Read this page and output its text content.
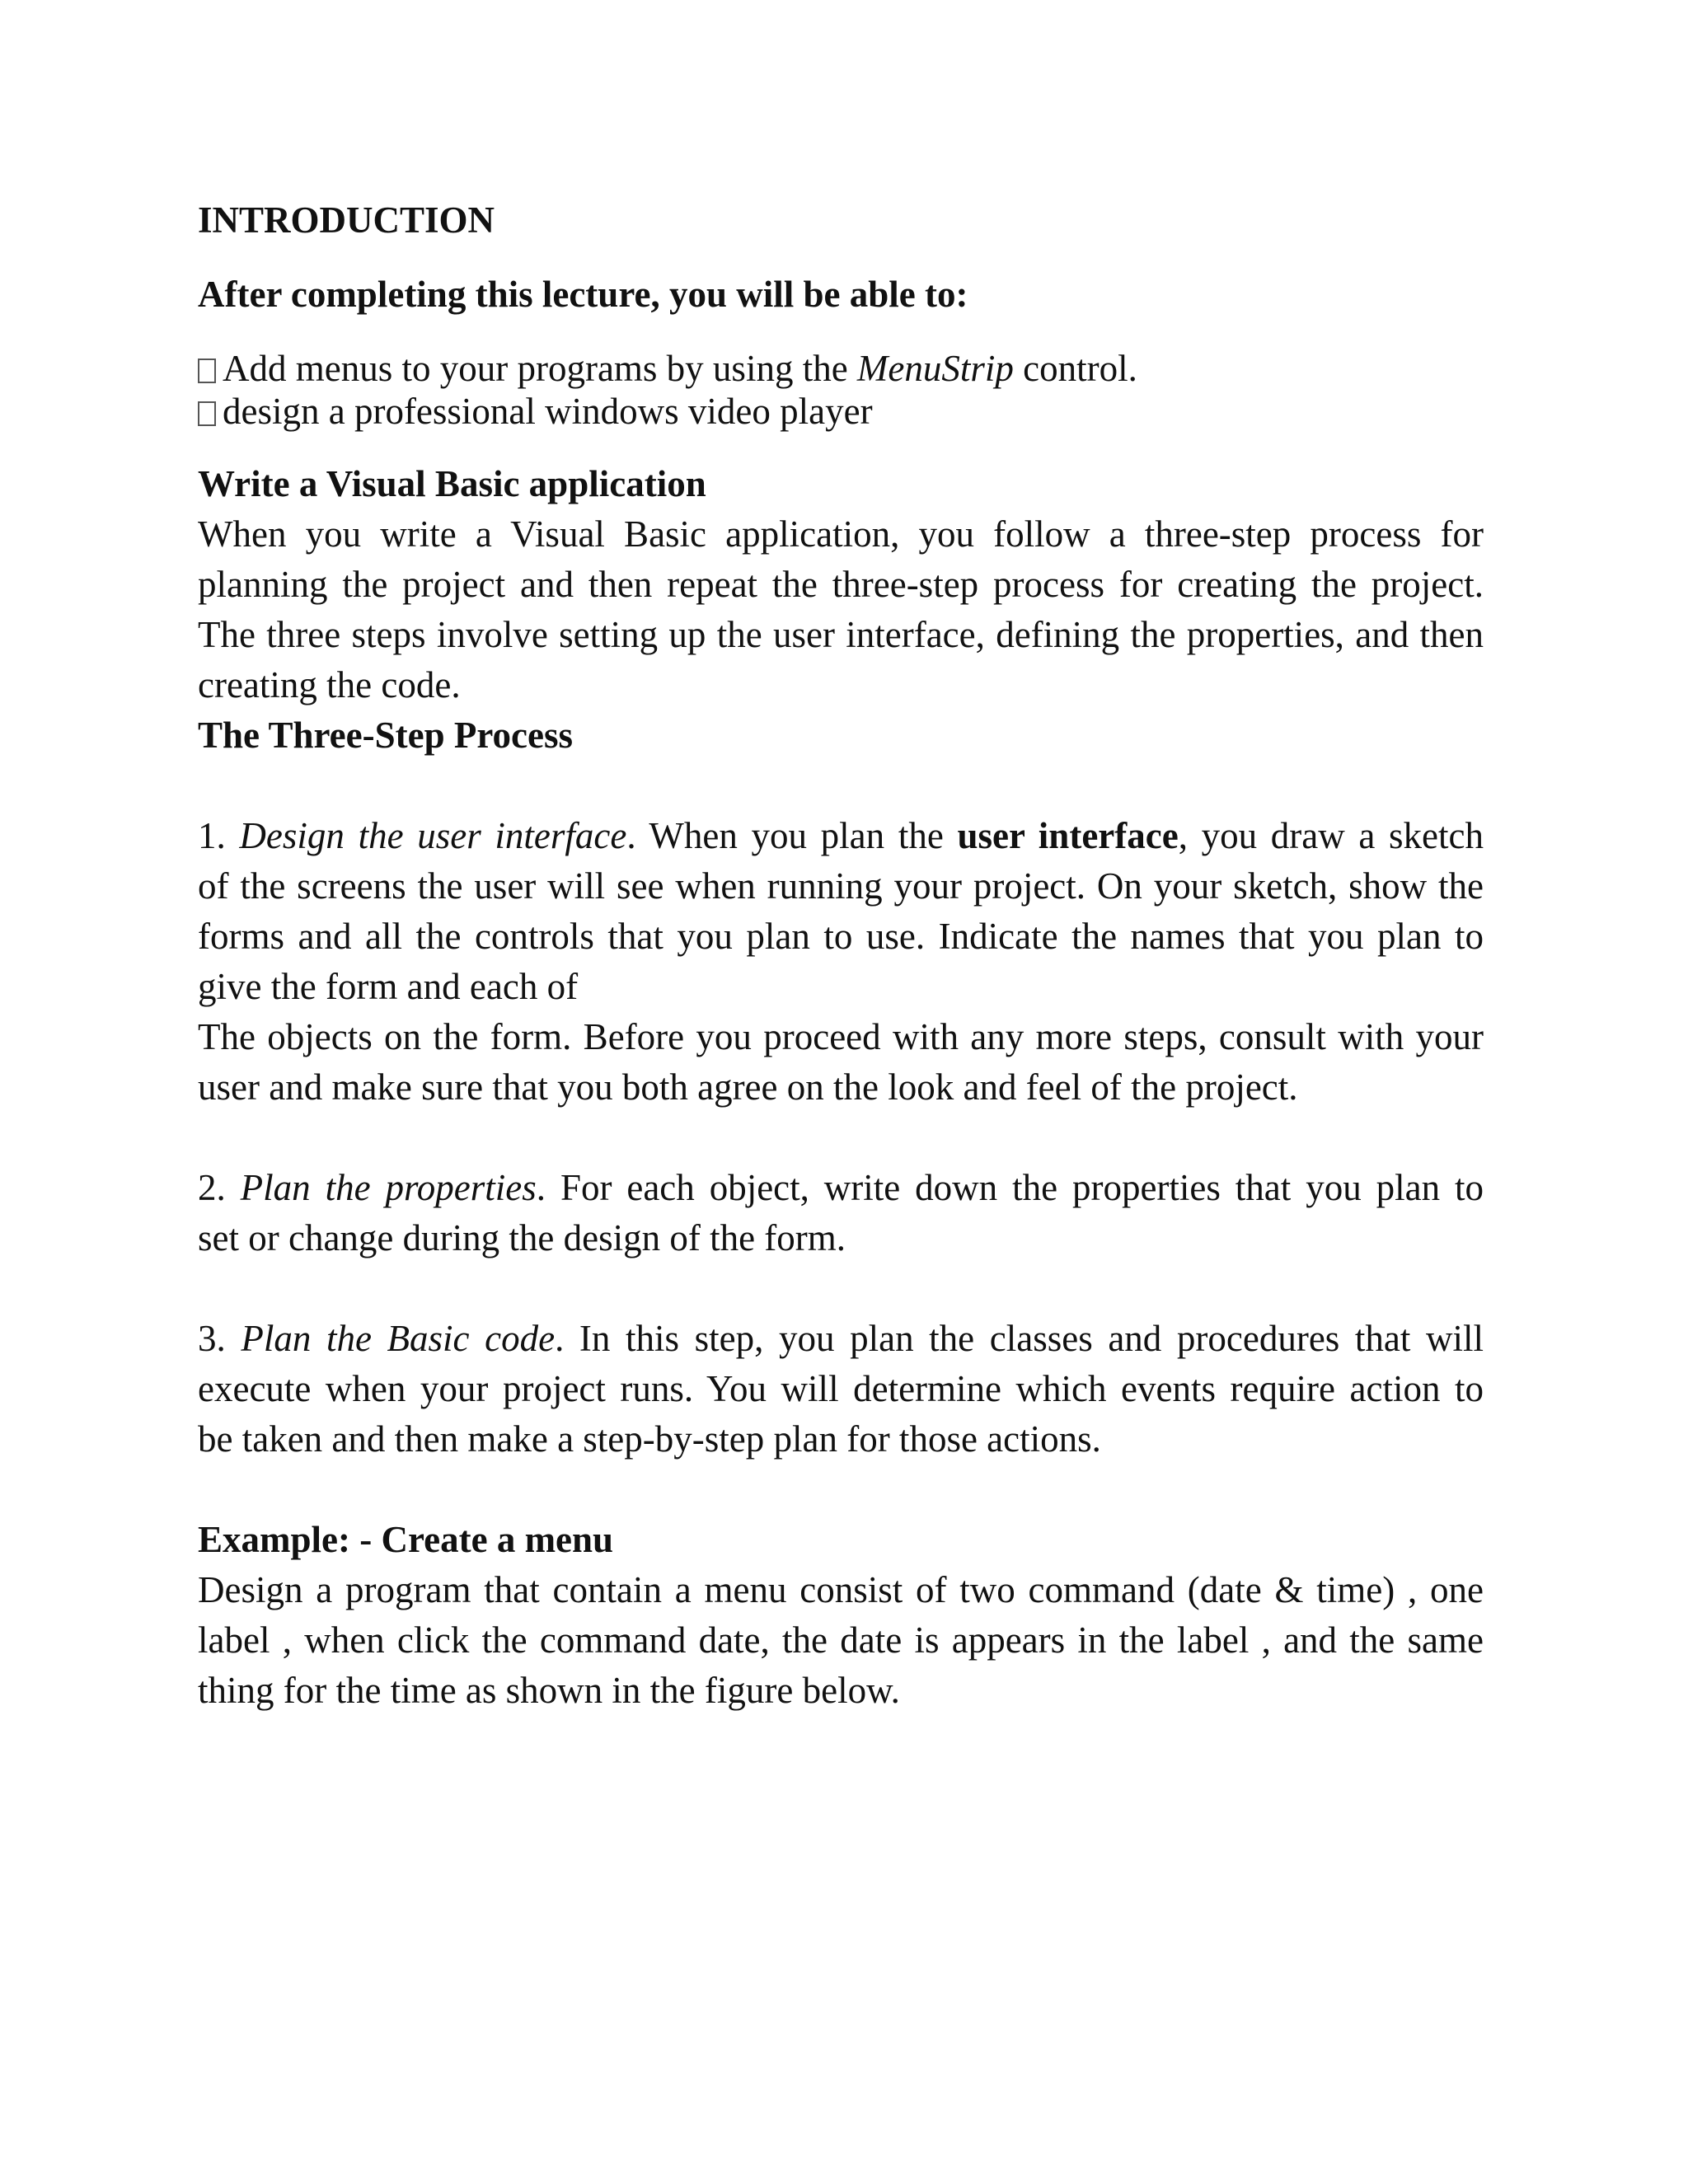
INTRODUCTION
After completing this lecture, you will be able to:
Add menus to your programs by using the MenuStrip control.
design a professional windows video player
Write a Visual Basic application
When you write a Visual Basic application, you follow a three-step process for
planning the project and then repeat the three-step process for creating the project.
The three steps involve setting up the user interface, defining the properties, and then
creating the code.
The Three-Step Process
1. Design the user interface. When you plan the user interface, you draw a sketch
of the screens the user will see when running your project. On your sketch, show the
forms and all the controls that you plan to use. Indicate the names that you plan to
give the form and each of
The objects on the form. Before you proceed with any more steps, consult with your
user and make sure that you both agree on the look and feel of the project.
2. Plan the properties. For each object, write down the properties that you plan to
set or change during the design of the form.
3. Plan the Basic code. In this step, you plan the classes and procedures that will
execute when your project runs. You will determine which events require action to
be taken and then make a step-by-step plan for those actions.
Example: - Create a menu
Design a program that contain a menu consist of two command (date & time) , one
label , when click the command date, the date is appears in the label , and the same
thing for the time as shown in the figure below.
